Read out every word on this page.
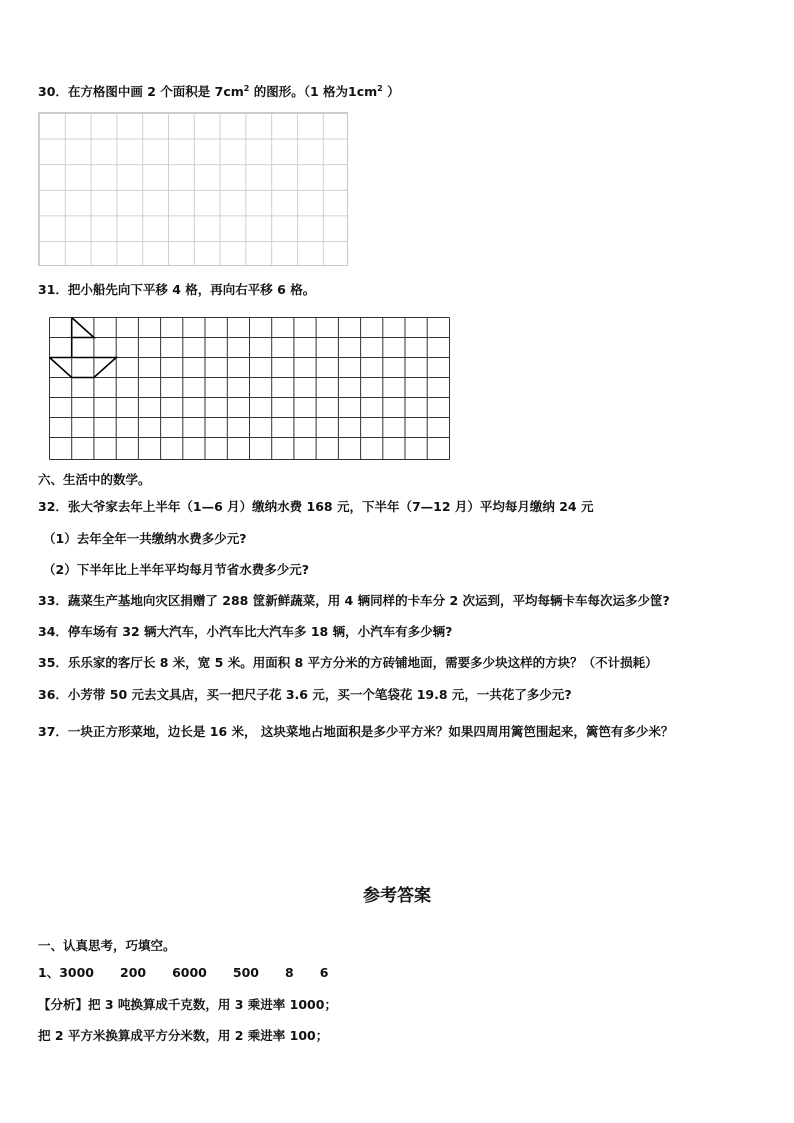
30．在方格图中画 2 个面积是 $7cm^2$ 的图形。（1 格为$1cm^2$ ）
31．把小船先向下平移 4 格，再向右平移 6 格。
六、生活中的数学。
32．张大爷家去年上半年（1—6 月）缴纳水费 168 元，下半年（7—12 月）平均每月缴纳 24 元
（1）去年全年一共缴纳水费多少元?
（2）下半年比上半年平均每月节省水费多少元?
33．蔬菜生产基地向灾区捐赠了 288 筐新鲜蔬菜，用 4 辆同样的卡车分 2 次运到，平均每辆卡车每次运多少筐?
34．停车场有 32 辆大汽车，小汽车比大汽车多 18 辆，小汽车有多少辆?
35．乐乐家的客厅长 8 米，宽 5 米。用面积 8 平方分米的方砖铺地面，需要多少块这样的方块？（不计损耗）
36．小芳带 50 元去文具店，买一把尺子花 3.6 元，买一个笔袋花 19.8 元，一共花了多少元?
37．一块正方形菜地，边长是 16 米， 这块菜地占地面积是多少平方米？如果四周用篱笆围起来，篱笆有多少米？
参考答案
一、认真思考，巧填空。
1、3000 200 6000 500 8 6
【分析】把 3 吨换算成千克数，用 3 乘进率 1000；
把 2 平方米换算成平方分米数，用 2 乘进率 100；
